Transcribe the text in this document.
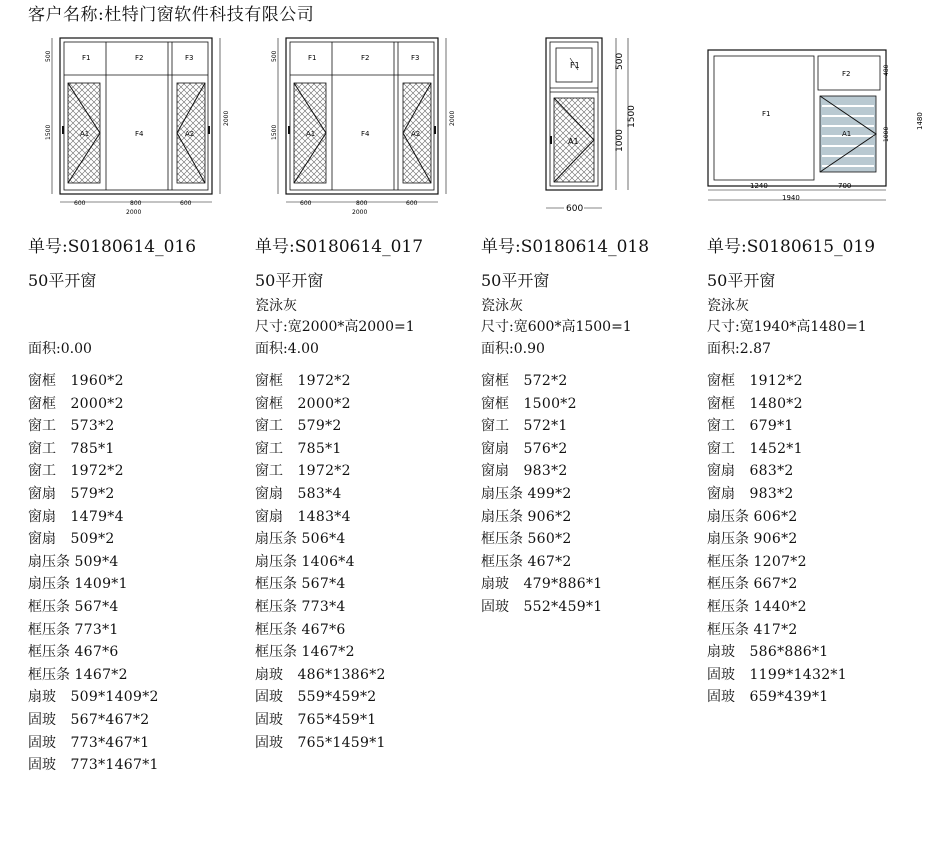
客户名称:杜特门窗软件科技有限公司
F1	F2	F3
A1	F4	A2
500
1500
2000
600	800	600
2000
F1	F2	F3
A1	F4	A2
500
1500
2000
600	800	600
2000
F1
A1
500
1000
1500
600
F1
F2
A1
480
1000
1480
1240	700
1940
单号:S0180614_016
50平开窗
面积:0.00
窗框 1960*2
窗框 2000*2
窗工 573*2
窗工 785*1
窗工 1972*2
窗扇 579*2
窗扇 1479*4
窗扇 509*2
扇压条 509*4
扇压条 1409*1
框压条 567*4
框压条 773*1
框压条 467*6
框压条 1467*2
扇玻 509*1409*2
固玻 567*467*2
固玻 773*467*1
固玻 773*1467*1
单号:S0180614_017
50平开窗
瓷泳灰
尺寸:宽2000*高2000=1
面积:4.00
窗框 1972*2
窗框 2000*2
窗工 579*2
窗工 785*1
窗工 1972*2
窗扇 583*4
窗扇 1483*4
扇压条 506*4
扇压条 1406*4
框压条 567*4
框压条 773*4
框压条 467*6
框压条 1467*2
扇玻 486*1386*2
固玻 559*459*2
固玻 765*459*1
固玻 765*1459*1
单号:S0180614_018
50平开窗
瓷泳灰
尺寸:宽600*高1500=1
面积:0.90
窗框 572*2
窗框 1500*2
窗工 572*1
窗扇 576*2
窗扇 983*2
扇压条 499*2
扇压条 906*2
框压条 560*2
框压条 467*2
扇玻 479*886*1
固玻 552*459*1
单号:S0180615_019
50平开窗
瓷泳灰
尺寸:宽1940*高1480=1
面积:2.87
窗框 1912*2
窗框 1480*2
窗工 679*1
窗工 1452*1
窗扇 683*2
窗扇 983*2
扇压条 606*2
扇压条 906*2
框压条 1207*2
框压条 667*2
框压条 1440*2
框压条 417*2
扇玻 586*886*1
固玻 1199*1432*1
固玻 659*439*1
